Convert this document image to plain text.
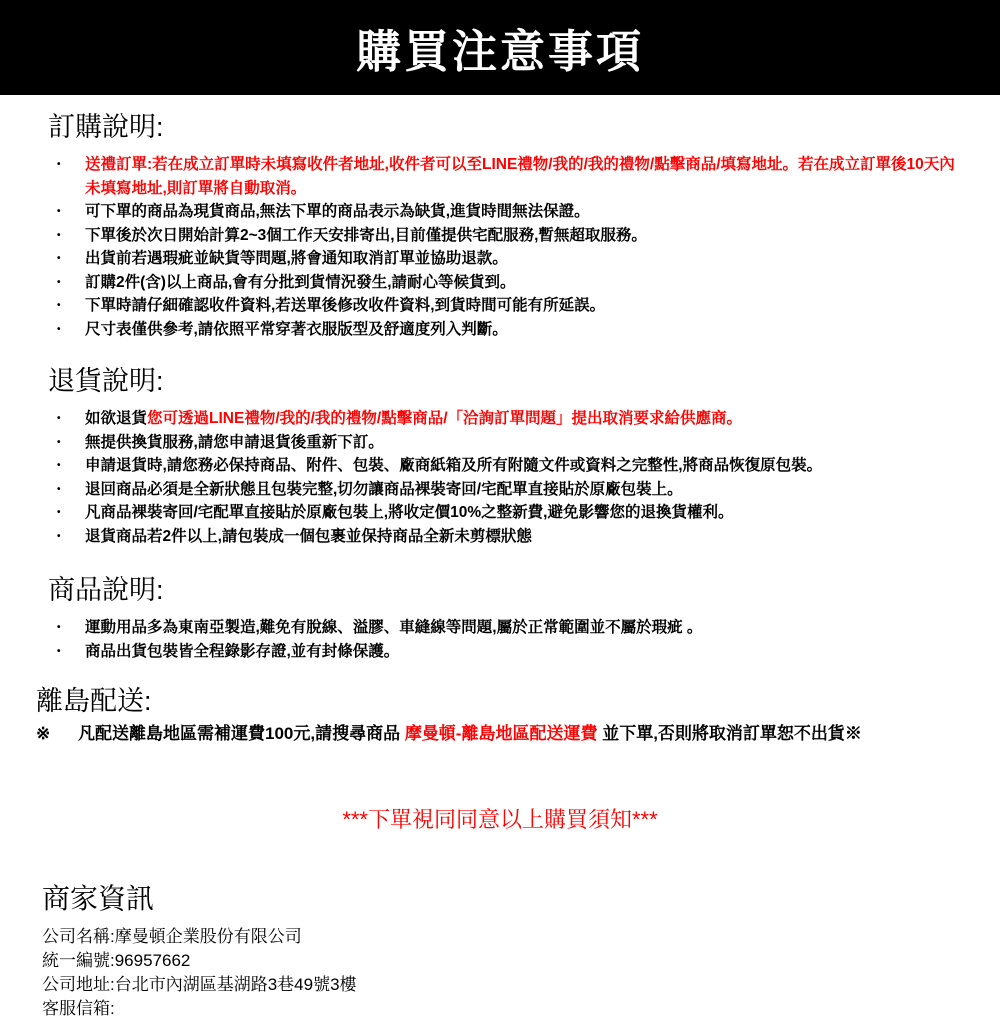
購買注意事項
訂購說明:
•	送禮訂單:若在成立訂單時未填寫收件者地址,收件者可以至LINE禮物/我的/我的禮物/點擊商品/填寫地址。若在成立訂單後10天內未填寫地址,則訂單將自動取消。
•	可下單的商品為現貨商品,無法下單的商品表示為缺貨,進貨時間無法保證。
•	下單後於次日開始計算2~3個工作天安排寄出,目前僅提供宅配服務,暫無超取服務。
•	出貨前若遇瑕疵並缺貨等問題,將會通知取消訂單並協助退款。
•	訂購2件(含)以上商品,會有分批到貨情況發生,請耐心等候貨到。
•	下單時請仔細確認收件資料,若送單後修改收件資料,到貨時間可能有所延誤。
•	尺寸表僅供參考,請依照平常穿著衣服版型及舒適度列入判斷。
退貨說明:
•	如欲退貨您可透過LINE禮物/我的/我的禮物/點擊商品/「洽詢訂單問題」提出取消要求給供應商。
•	無提供換貨服務,請您申請退貨後重新下訂。
•	申請退貨時,請您務必保持商品、附件、包裝、廠商紙箱及所有附隨文件或資料之完整性,將商品恢復原包裝。
•	退回商品必須是全新狀態且包裝完整,切勿讓商品裸裝寄回/宅配單直接貼於原廠包裝上。
•	凡商品裸裝寄回/宅配單直接貼於原廠包裝上,將收定價10%之整新費,避免影響您的退換貨權利。
•	退貨商品若2件以上,請包裝成一個包裹並保持商品全新未剪標狀態
商品說明:
•	運動用品多為東南亞製造,難免有脫線、溢膠、車縫線等問題,屬於正常範圍並不屬於瑕疵 。
•	商品出貨包裝皆全程錄影存證,並有封條保護。
離島配送:
※	凡配送離島地區需補運費100元,請搜尋商品 摩曼頓-離島地區配送運費 並下單,否則將取消訂單恕不出貨※
***下單視同同意以上購買須知***
商家資訊
公司名稱:摩曼頓企業股份有限公司
統一編號:96957662
公司地址:台北市內湖區基湖路3巷49號3樓
客服信箱:
